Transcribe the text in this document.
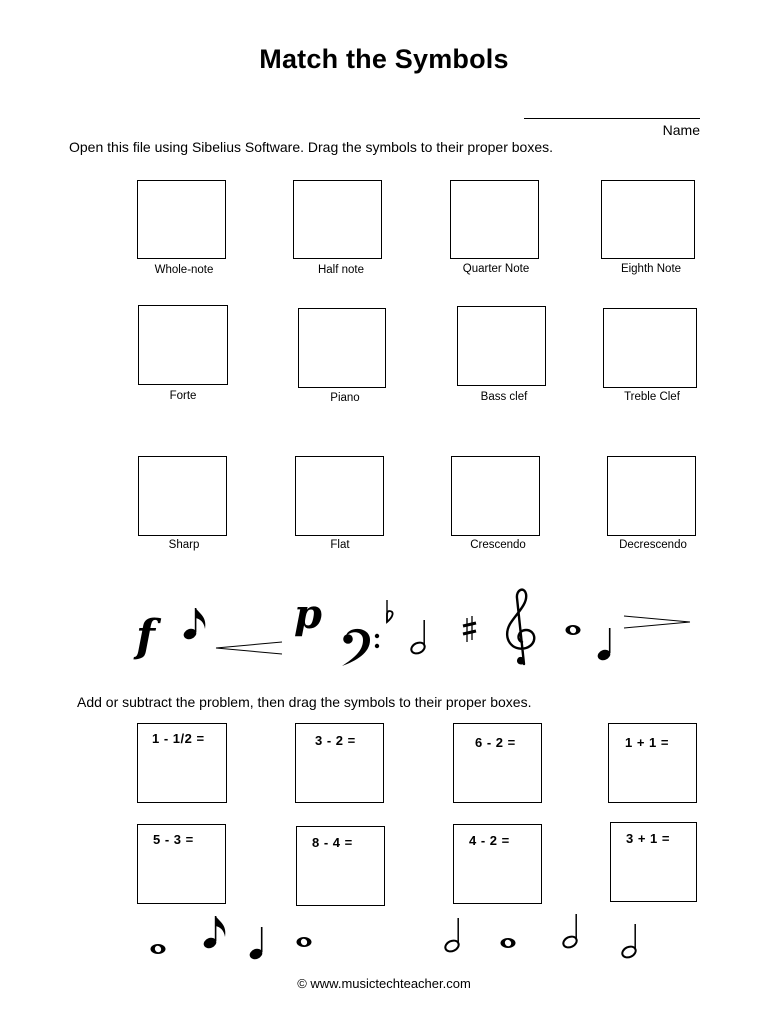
Match the Symbols
Name
Open this file using Sibelius Software. Drag the symbols to their proper boxes.
Whole-note	Half note	Quarter Note	Eighth Note
Forte	Piano	Bass clef	Treble Clef
Sharp	Flat	Crescendo	Decrescendo
f	p
Add or subtract the problem, then drag the symbols to their proper boxes.
1 - 1/2 =	3 - 2 =	6 - 2 =	1 + 1 =
5 - 3 =	8 - 4 =	4 - 2 =	3 + 1 =
© www.musictechteacher.com
